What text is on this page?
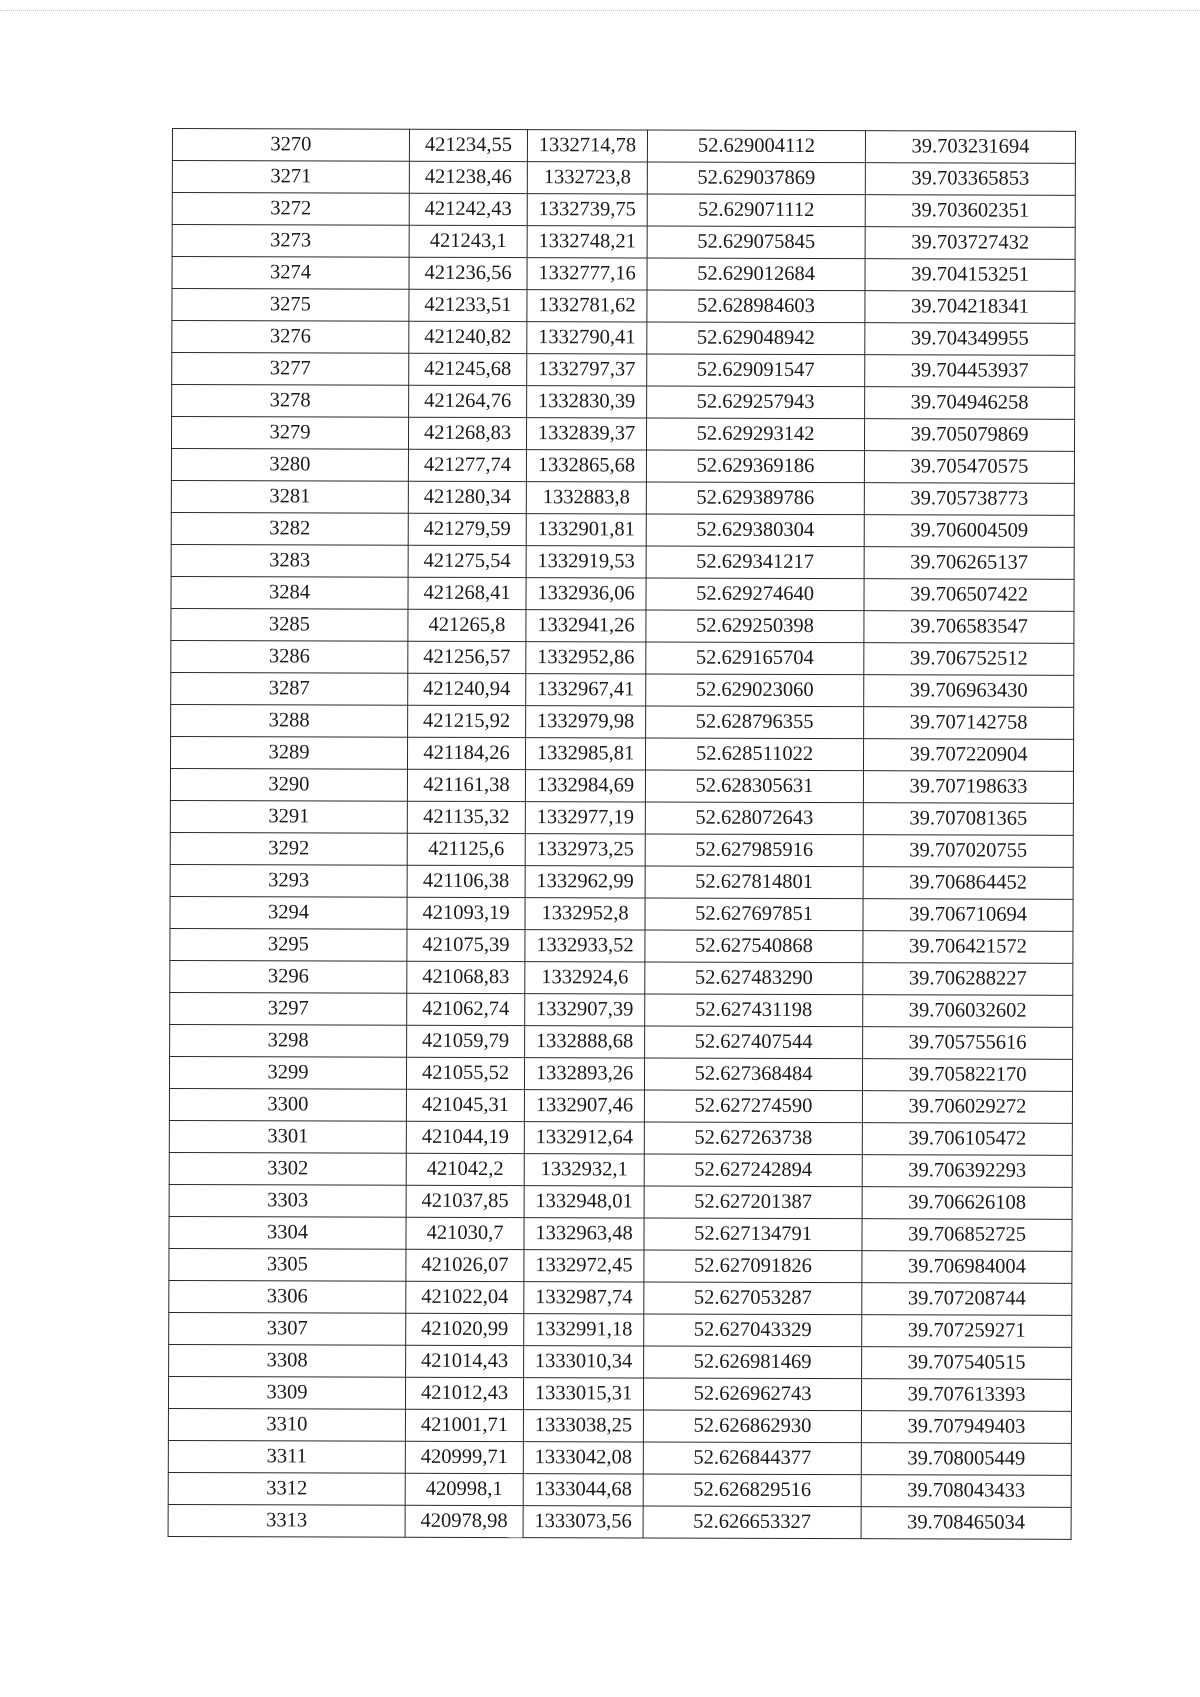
3270	421234,55	1332714,78	52.629004112	39.703231694
3271	421238,46	1332723,8	52.629037869	39.703365853
3272	421242,43	1332739,75	52.629071112	39.703602351
3273	421243,1	1332748,21	52.629075845	39.703727432
3274	421236,56	1332777,16	52.629012684	39.704153251
3275	421233,51	1332781,62	52.628984603	39.704218341
3276	421240,82	1332790,41	52.629048942	39.704349955
3277	421245,68	1332797,37	52.629091547	39.704453937
3278	421264,76	1332830,39	52.629257943	39.704946258
3279	421268,83	1332839,37	52.629293142	39.705079869
3280	421277,74	1332865,68	52.629369186	39.705470575
3281	421280,34	1332883,8	52.629389786	39.705738773
3282	421279,59	1332901,81	52.629380304	39.706004509
3283	421275,54	1332919,53	52.629341217	39.706265137
3284	421268,41	1332936,06	52.629274640	39.706507422
3285	421265,8	1332941,26	52.629250398	39.706583547
3286	421256,57	1332952,86	52.629165704	39.706752512
3287	421240,94	1332967,41	52.629023060	39.706963430
3288	421215,92	1332979,98	52.628796355	39.707142758
3289	421184,26	1332985,81	52.628511022	39.707220904
3290	421161,38	1332984,69	52.628305631	39.707198633
3291	421135,32	1332977,19	52.628072643	39.707081365
3292	421125,6	1332973,25	52.627985916	39.707020755
3293	421106,38	1332962,99	52.627814801	39.706864452
3294	421093,19	1332952,8	52.627697851	39.706710694
3295	421075,39	1332933,52	52.627540868	39.706421572
3296	421068,83	1332924,6	52.627483290	39.706288227
3297	421062,74	1332907,39	52.627431198	39.706032602
3298	421059,79	1332888,68	52.627407544	39.705755616
3299	421055,52	1332893,26	52.627368484	39.705822170
3300	421045,31	1332907,46	52.627274590	39.706029272
3301	421044,19	1332912,64	52.627263738	39.706105472
3302	421042,2	1332932,1	52.627242894	39.706392293
3303	421037,85	1332948,01	52.627201387	39.706626108
3304	421030,7	1332963,48	52.627134791	39.706852725
3305	421026,07	1332972,45	52.627091826	39.706984004
3306	421022,04	1332987,74	52.627053287	39.707208744
3307	421020,99	1332991,18	52.627043329	39.707259271
3308	421014,43	1333010,34	52.626981469	39.707540515
3309	421012,43	1333015,31	52.626962743	39.707613393
3310	421001,71	1333038,25	52.626862930	39.707949403
3311	420999,71	1333042,08	52.626844377	39.708005449
3312	420998,1	1333044,68	52.626829516	39.708043433
3313	420978,98	1333073,56	52.626653327	39.708465034
